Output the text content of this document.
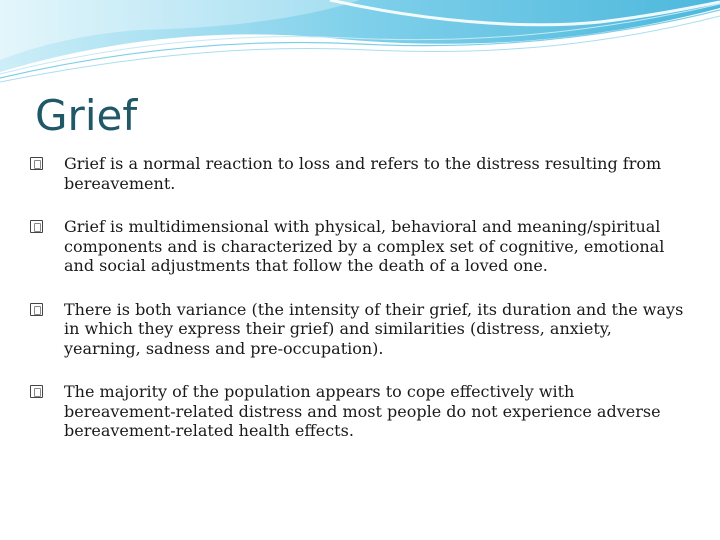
Grief
Grief is a normal reaction to loss and refers to the distress resulting from bereavement.
Grief is multidimensional with physical, behavioral and meaning/spiritual components and is characterized by a complex set of cognitive, emotional and social adjustments that follow the death of a loved one.
There is both variance (the intensity of their grief, its duration and the ways in which they express their grief) and similarities (distress, anxiety, yearning, sadness and pre-occupation).
The majority of the population appears to cope effectively with bereavement-related distress and most people do not experience adverse bereavement-related health effects.
